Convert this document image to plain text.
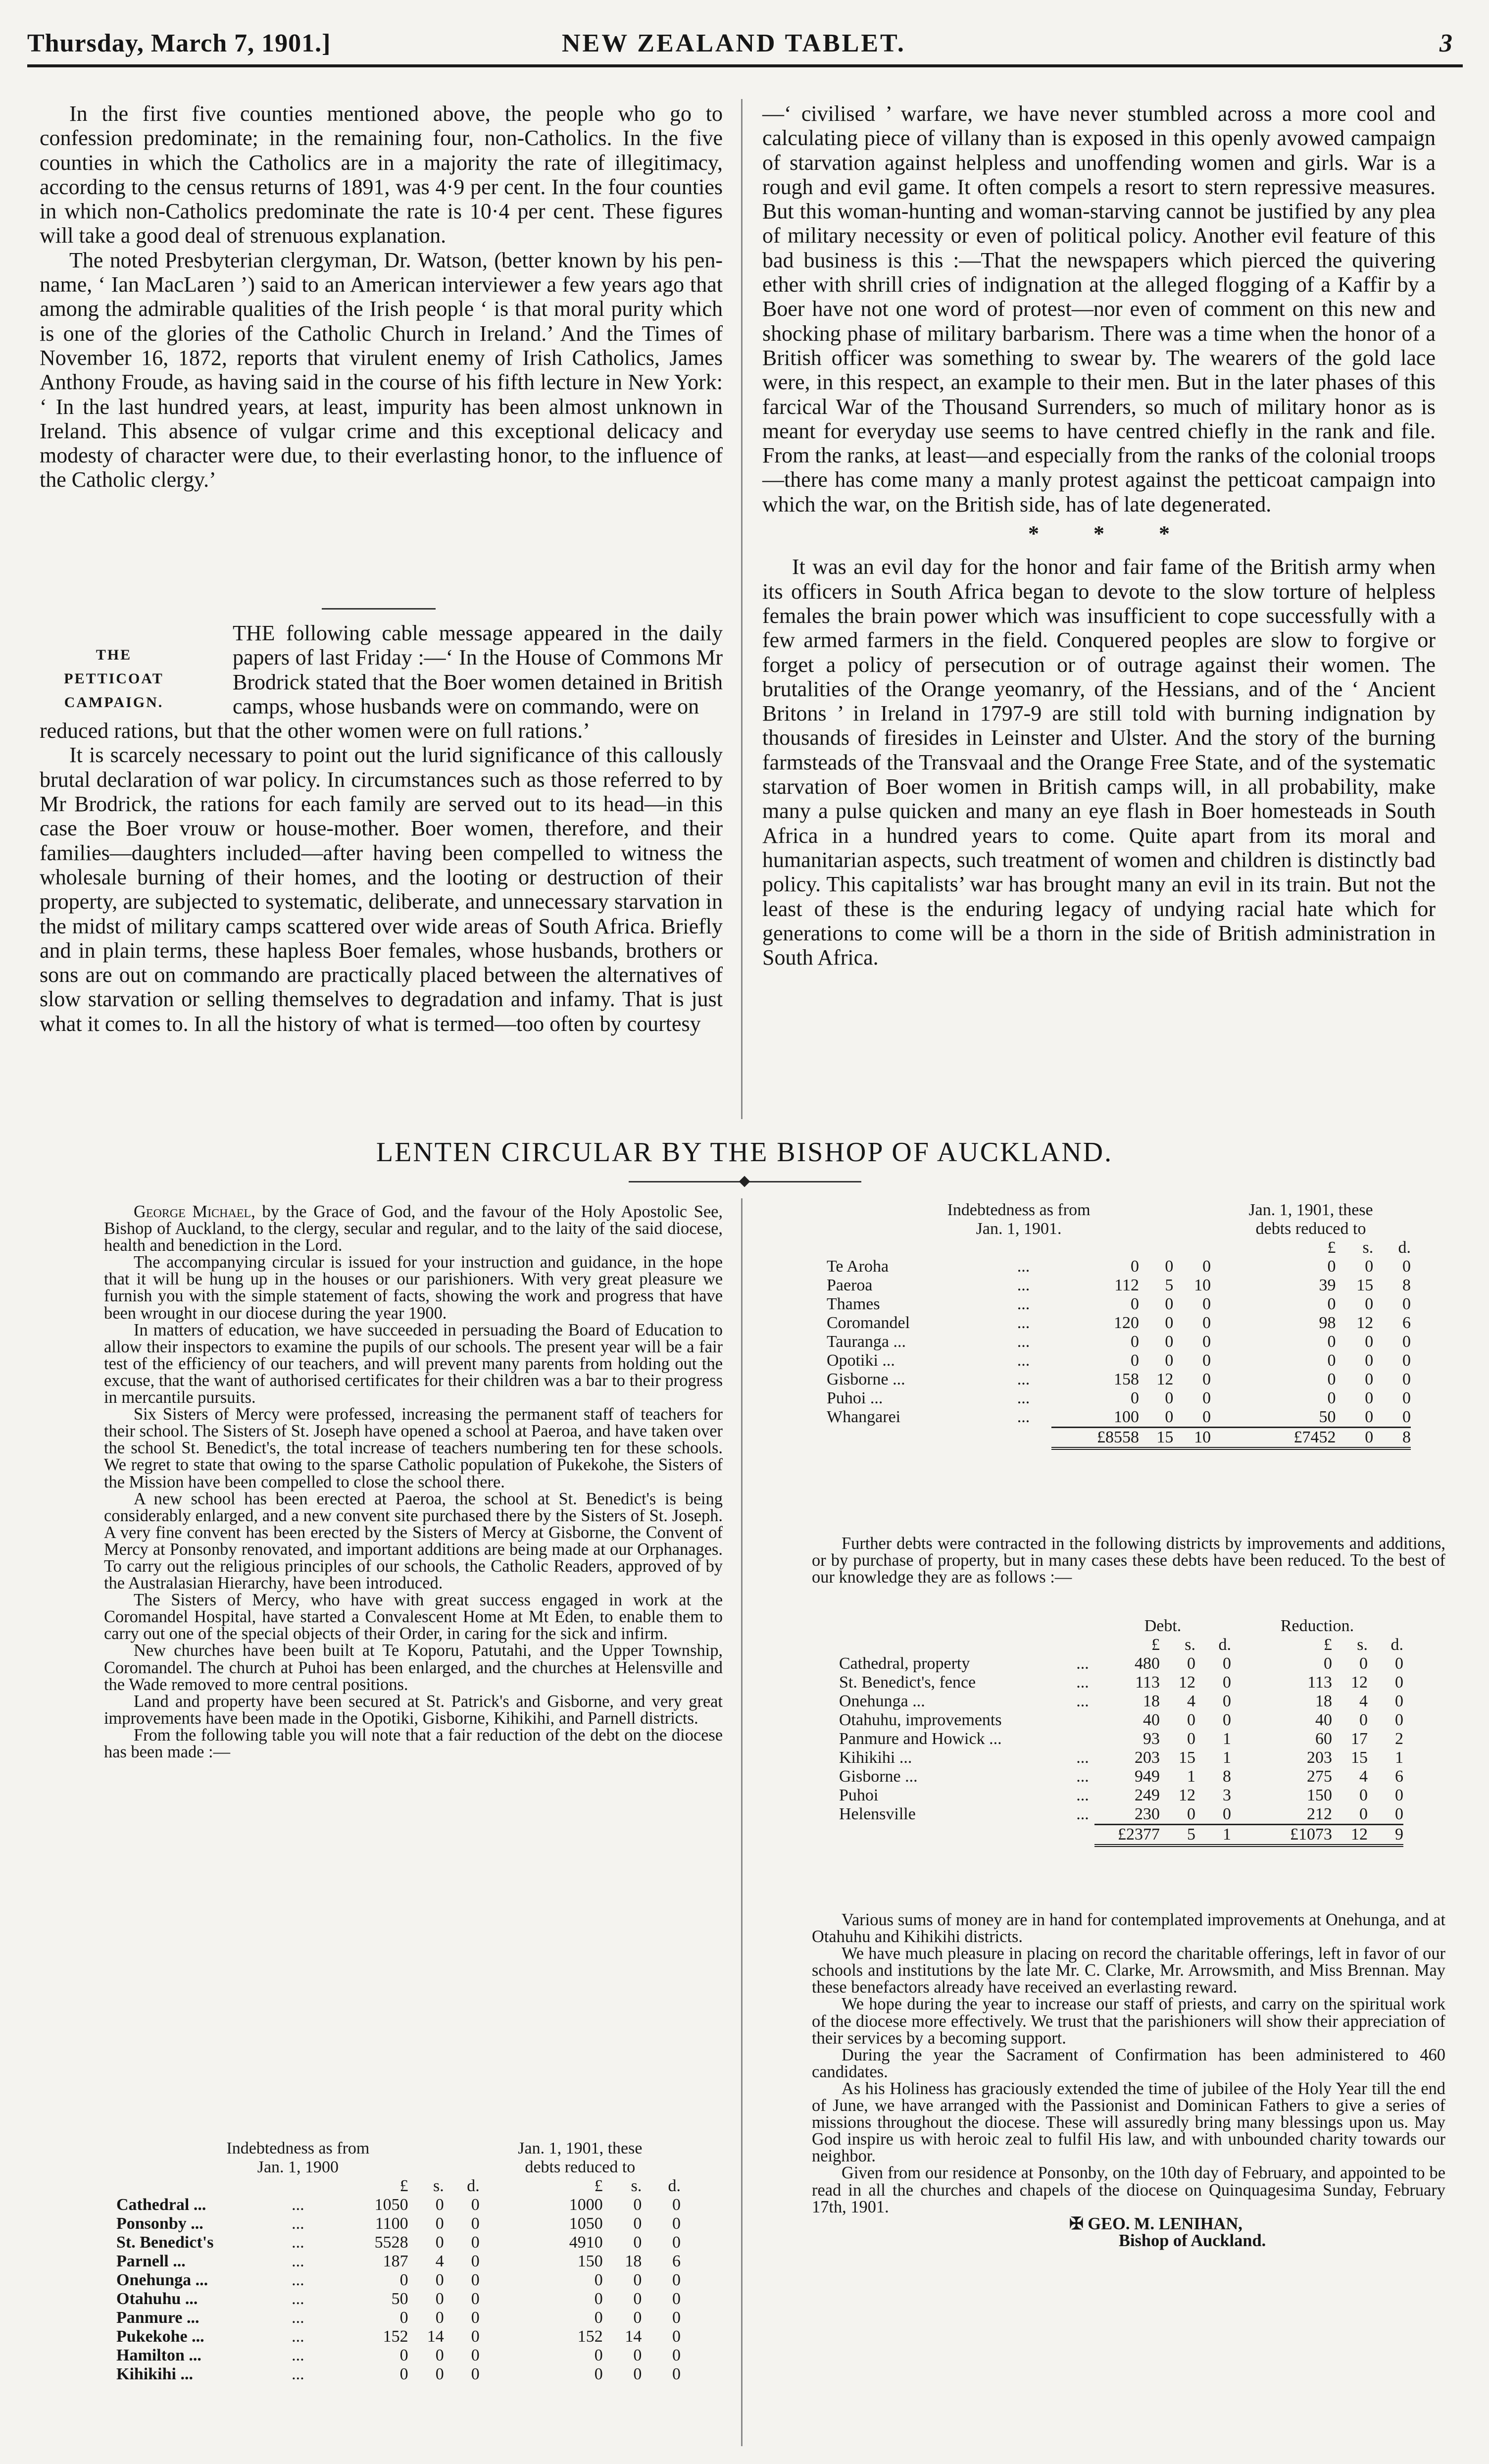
Thursday, March 7, 1901.]	NEW ZEALAND TABLET.	3

In the first five counties mentioned above, the people who go to confession predominate; in the remaining four, non-Catholics. In the five counties in which the Catholics are in a majority the rate of illegitimacy, according to the census returns of 1891, was 4·9 per cent. In the four counties in which non-Catholics predominate the rate is 10·4 per cent. These figures will take a good deal of strenuous explanation.

The noted Presbyterian clergyman, Dr. Watson, (better known by his pen-name, ‘ Ian MacLaren ’) said to an American interviewer a few years ago that among the admirable qualities of the Irish people ‘ is that moral purity which is one of the glories of the Catholic Church in Ireland.’ And the Times of November 16, 1872, reports that virulent enemy of Irish Catholics, James Anthony Froude, as having said in the course of his fifth lecture in New York: ‘ In the last hundred years, at least, impurity has been almost unknown in Ireland. This absence of vulgar crime and this exceptional delicacy and modesty of character were due, to their everlasting honor, to the influence of the Catholic clergy.’

THE
PETTICOAT
CAMPAIGN.

THE following cable message appeared in the daily papers of last Friday :—‘ In the House of Commons Mr Brodrick stated that the Boer women detained in British camps, whose husbands were on commando, were on

reduced rations, but that the other women were on full rations.’

It is scarcely necessary to point out the lurid significance of this callously brutal declaration of war policy. In circumstances such as those referred to by Mr Brodrick, the rations for each family are served out to its head—in this case the Boer vrouw or house-mother. Boer women, therefore, and their families—daughters included—after having been compelled to witness the wholesale burning of their homes, and the looting or destruction of their property, are subjected to systematic, deliberate, and unnecessary starvation in the midst of military camps scattered over wide areas of South Africa. Briefly and in plain terms, these hapless Boer females, whose husbands, brothers or sons are out on commando are practically placed between the alternatives of slow starvation or selling themselves to degradation and infamy. That is just what it comes to. In all the history of what is termed—too often by courtesy

—‘ civilised ’ warfare, we have never stumbled across a more cool and calculating piece of villany than is exposed in this openly avowed campaign of starvation against helpless and unoffending women and girls. War is a rough and evil game. It often compels a resort to stern repressive measures. But this woman-hunting and woman-starving cannot be justified by any plea of military necessity or even of political policy. Another evil feature of this bad business is this :—That the newspapers which pierced the quivering ether with shrill cries of indignation at the alleged flogging of a Kaffir by a Boer have not one word of protest—nor even of comment on this new and shocking phase of military barbarism. There was a time when the honor of a British officer was something to swear by. The wearers of the gold lace were, in this respect, an example to their men. But in the later phases of this farcical War of the Thousand Surrenders, so much of military honor as is meant for everyday use seems to have centred chiefly in the rank and file. From the ranks, at least—and especially from the ranks of the colonial troops—there has come many a manly protest against the petticoat campaign into which the war, on the British side, has of late degenerated.

*          *          *

It was an evil day for the honor and fair fame of the British army when its officers in South Africa began to devote to the slow torture of helpless females the brain power which was insufficient to cope successfully with a few armed farmers in the field. Conquered peoples are slow to forgive or forget a policy of persecution or of outrage against their women. The brutalities of the Orange yeomanry, of the Hessians, and of the ‘ Ancient Britons ’ in Ireland in 1797-9 are still told with burning indignation by thousands of firesides in Leinster and Ulster. And the story of the burning farmsteads of the Transvaal and the Orange Free State, and of the systematic starvation of Boer women in British camps will, in all probability, make many a pulse quicken and many an eye flash in Boer homesteads in South Africa in a hundred years to come. Quite apart from its moral and humanitarian aspects, such treatment of women and children is distinctly bad policy. This capitalists’ war has brought many an evil in its train. But not the least of these is the enduring legacy of undying racial hate which for generations to come will be a thorn in the side of British administration in South Africa.

LENTEN CIRCULAR BY THE BISHOP OF AUCKLAND.

George Michael, by the Grace of God, and the favour of the Holy Apostolic See, Bishop of Auckland, to the clergy, secular and regular, and to the laity of the said diocese, health and benediction in the Lord.

The accompanying circular is issued for your instruction and guidance, in the hope that it will be hung up in the houses or our parishioners. With very great pleasure we furnish you with the simple statement of facts, showing the work and progress that have been wrought in our diocese during the year 1900.

In matters of education, we have succeeded in persuading the Board of Education to allow their inspectors to examine the pupils of our schools. The present year will be a fair test of the efficiency of our teachers, and will prevent many parents from holding out the excuse, that the want of authorised certificates for their children was a bar to their progress in mercantile pursuits.

Six Sisters of Mercy were professed, increasing the permanent staff of teachers for their school. The Sisters of St. Joseph have opened a school at Paeroa, and have taken over the school St. Benedict's, the total increase of teachers numbering ten for these schools. We regret to state that owing to the sparse Catholic population of Pukekohe, the Sisters of the Mission have been compelled to close the school there.

A new school has been erected at Paeroa, the school at St. Benedict's is being considerably enlarged, and a new convent site purchased there by the Sisters of St. Joseph. A very fine convent has been erected by the Sisters of Mercy at Gisborne, the Convent of Mercy at Ponsonby renovated, and important additions are being made at our Orphanages. To carry out the religious principles of our schools, the Catholic Readers, approved of by the Australasian Hierarchy, have been introduced.

The Sisters of Mercy, who have with great success engaged in work at the Coromandel Hospital, have started a Convalescent Home at Mt Eden, to enable them to carry out one of the special objects of their Order, in caring for the sick and infirm.

New churches have been built at Te Koporu, Patutahi, and the Upper Township, Coromandel. The church at Puhoi has been enlarged, and the churches at Helensville and the Wade removed to more central positions.

Land and property have been secured at St. Patrick's and Gisborne, and very great improvements have been made in the Opotiki, Gisborne, Kihikihi, and Parnell districts.

From the following table you will note that a fair reduction of the debt on the diocese has been made :—

Indebtedness as from					Jan. 1, 1901, these		
Jan. 1, 1900					debts reduced to		
		£	s.	d.	£	s.	d.
Cathedral ...	...	1050	0	0	1000	0	0
Ponsonby ...	...	1100	0	0	1050	0	0
St. Benedict's	...	5528	0	0	4910	0	0
Parnell ...	...	187	4	0	150	18	6
Onehunga ...	...	0	0	0	0	0	0
Otahuhu ...	...	50	0	0	0	0	0
Panmure ...	...	0	0	0	0	0	0
Pukekohe ...	...	152	14	0	152	14	0
Hamilton ...	...	0	0	0	0	0	0
Kihikihi ...	...	0	0	0	0	0	0
Indebtedness as from					Jan. 1, 1901, these		
Jan. 1, 1901.					debts reduced to		
					£	s.	d.
Te Aroha	...	0	0	0	0	0	0
Paeroa	...	112	5	10	39	15	8
Thames	...	0	0	0	0	0	0
Coromandel	...	120	0	0	98	12	6
Tauranga ...	...	0	0	0	0	0	0
Opotiki ...	...	0	0	0	0	0	0
Gisborne ...	...	158	12	0	0	0	0
Puhoi ...	...	0	0	0	0	0	0
Whangarei	...	100	0	0	50	0	0
		£8558	15	10	£7452	0	8

Further debts were contracted in the following districts by improvements and additions, or by purchase of property, but in many cases these debts have been reduced. To the best of our knowledge they are as follows :—

		Debt.			Reduction.		
		£	s.	d.	£	s.	d.
Cathedral, property	...	480	0	0	0	0	0
St. Benedict's, fence	...	113	12	0	113	12	0
Onehunga ...	...	18	4	0	18	4	0
Otahuhu, improvements		40	0	0	40	0	0
Panmure and Howick ...		93	0	1	60	17	2
Kihikihi ...	...	203	15	1	203	15	1
Gisborne ...	...	949	1	8	275	4	6
Puhoi	...	249	12	3	150	0	0
Helensville	...	230	0	0	212	0	0
		£2377	5	1	£1073	12	9

Various sums of money are in hand for contemplated improvements at Onehunga, and at Otahuhu and Kihikihi districts.

We have much pleasure in placing on record the charitable offerings, left in favor of our schools and institutions by the late Mr. C. Clarke, Mr. Arrowsmith, and Miss Brennan. May these benefactors already have received an everlasting reward.

We hope during the year to increase our staff of priests, and carry on the spiritual work of the diocese more effectively. We trust that the parishioners will show their appreciation of their services by a becoming support.

During the year the Sacrament of Confirmation has been administered to 460 candidates.

As his Holiness has graciously extended the time of jubilee of the Holy Year till the end of June, we have arranged with the Passionist and Dominican Fathers to give a series of missions throughout the diocese. These will assuredly bring many blessings upon us. May God inspire us with heroic zeal to fulfil His law, and with unbounded charity towards our neighbor.

Given from our residence at Ponsonby, on the 10th day of February, and appointed to be read in all the churches and chapels of the diocese on Quinquagesima Sunday, February 17th, 1901.

✠ GEO. M. LENIHAN,

Bishop of Auckland.
